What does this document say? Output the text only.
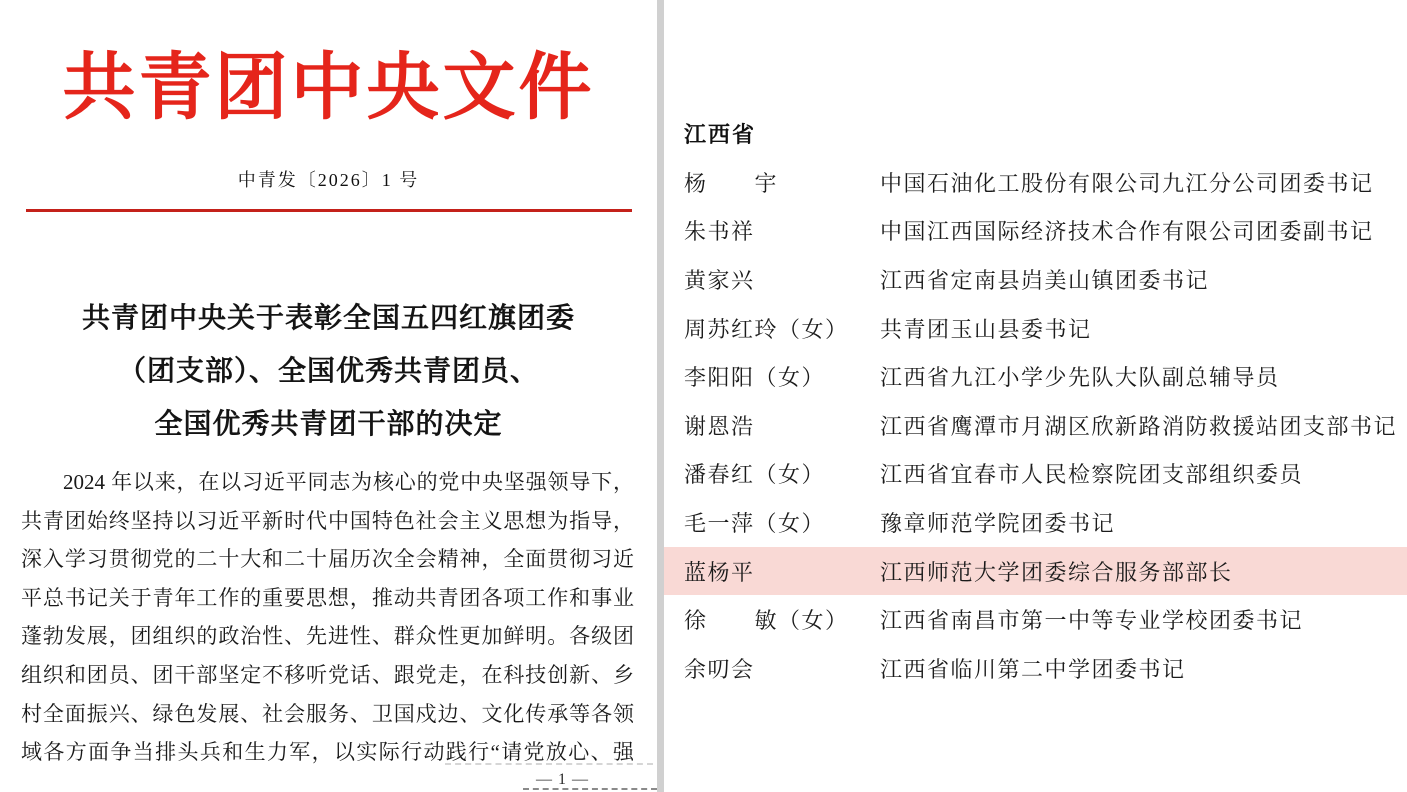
共青团中央文件
中青发〔2026〕1 号
共青团中央关于表彰全国五四红旗团委
（团支部）、全国优秀共青团员、
全国优秀共青团干部的决定
2024 年以来，在以习近平同志为核心的党中央坚强领导下，
共青团始终坚持以习近平新时代中国特色社会主义思想为指导，
深入学习贯彻党的二十大和二十届历次全会精神，全面贯彻习近
平总书记关于青年工作的重要思想，推动共青团各项工作和事业
蓬勃发展，团组织的政治性、先进性、群众性更加鲜明。各级团
组织和团员、团干部坚定不移听党话、跟党走，在科技创新、乡
村全面振兴、绿色发展、社会服务、卫国戍边、文化传承等各领
域各方面争当排头兵和生力军，以实际行动践行“请党放心、强
— 1 —
江西省
杨　　宇	中国石油化工股份有限公司九江分公司团委书记
朱书祥	中国江西国际经济技术合作有限公司团委副书记
黄家兴	江西省定南县岿美山镇团委书记
周苏红玲（女）	共青团玉山县委书记
李阳阳（女）	江西省九江小学少先队大队副总辅导员
谢恩浩	江西省鹰潭市月湖区欣新路消防救援站团支部书记
潘春红（女）	江西省宜春市人民检察院团支部组织委员
毛一萍（女）	豫章师范学院团委书记
蓝杨平	江西师范大学团委综合服务部部长
徐　　敏（女）	江西省南昌市第一中等专业学校团委书记
余叨会	江西省临川第二中学团委书记
